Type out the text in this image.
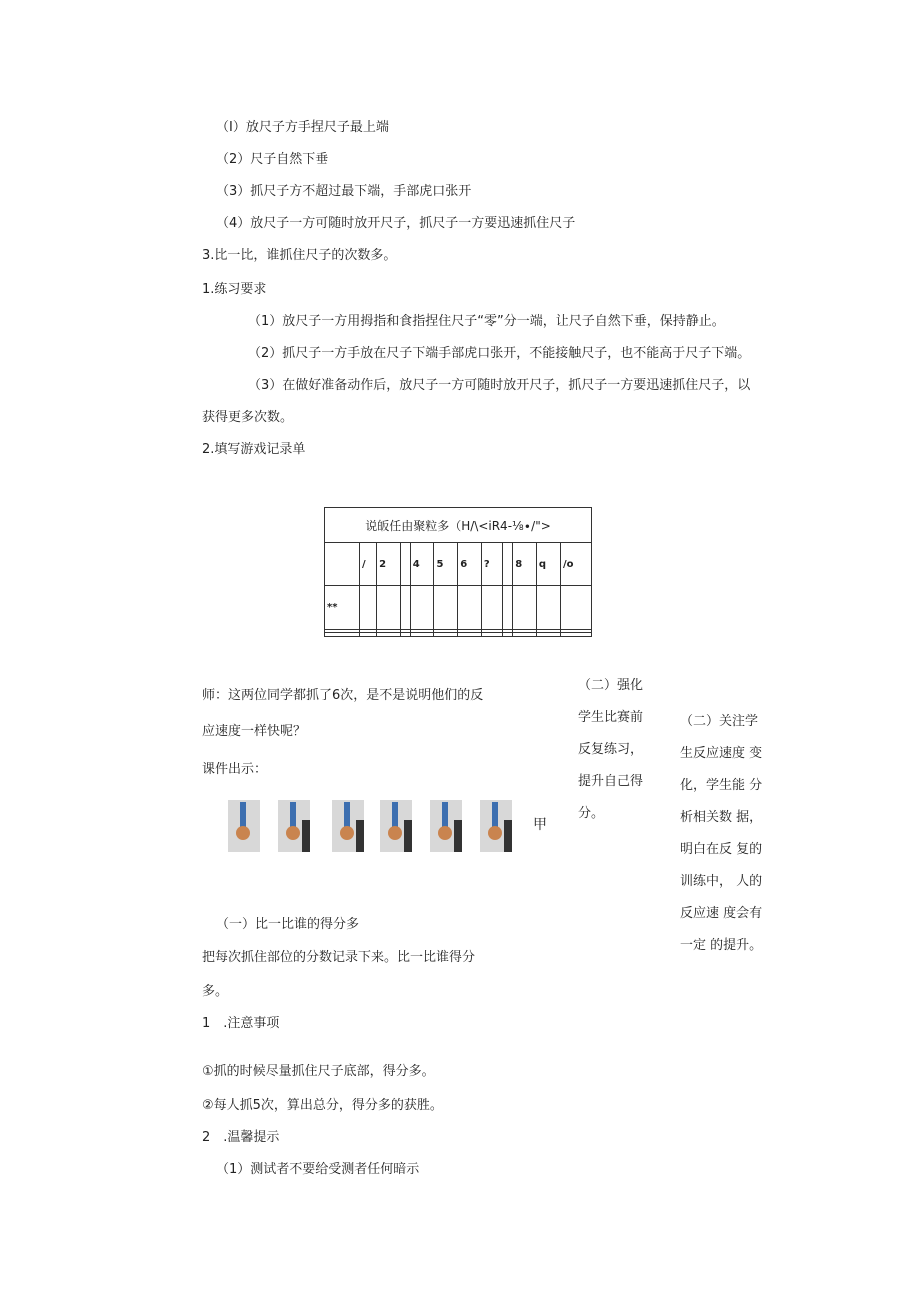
（I）放尺子方手捏尺子最上端
（2）尺子自然下垂
（3）抓尺子方不超过最下端，手部虎口张开
（4）放尺子一方可随时放开尺子，抓尺子一方要迅速抓住尺子
3.比一比，谁抓住尺子的次数多。
1.练习要求
（1）放尺子一方用拇指和食指捏住尺子“零”分一端，让尺子自然下垂，保持静止。
（2）抓尺子一方手放在尺子下端手部虎口张开，不能接触尺子，也不能高于尺子下端。
（3）在做好准备动作后，放尺子一方可随时放开尺子，抓尺子一方要迅速抓住尺子，以
获得更多次数。
2.填写游戏记录单
说皈任由聚粒多（H/\<iR4-⅛∙/">											
	/	2		4	5	6	?		8	q	/o
**											

师：这两位同学都抓了6次，是不是说明他们的反
应速度一样快呢？
课件出示：
甲
（一）比一比谁的得分多
把每次抓住部位的分数记录下来。比一比谁得分
多。
1　.注意事项
①抓的时候尽量抓住尺子底部，得分多。
②每人抓5次，算出总分，得分多的获胜。
2　.温馨提示
（1）测试者不要给受测者任何暗示
（二）强化
学生比赛前
反复练习，
提升自己得
分。
（二）关注学
生反应速度 变
化，学生能 分
析相关数 据，
明白在反 复的
训练中， 人的
反应速 度会有
一定 的提升。
